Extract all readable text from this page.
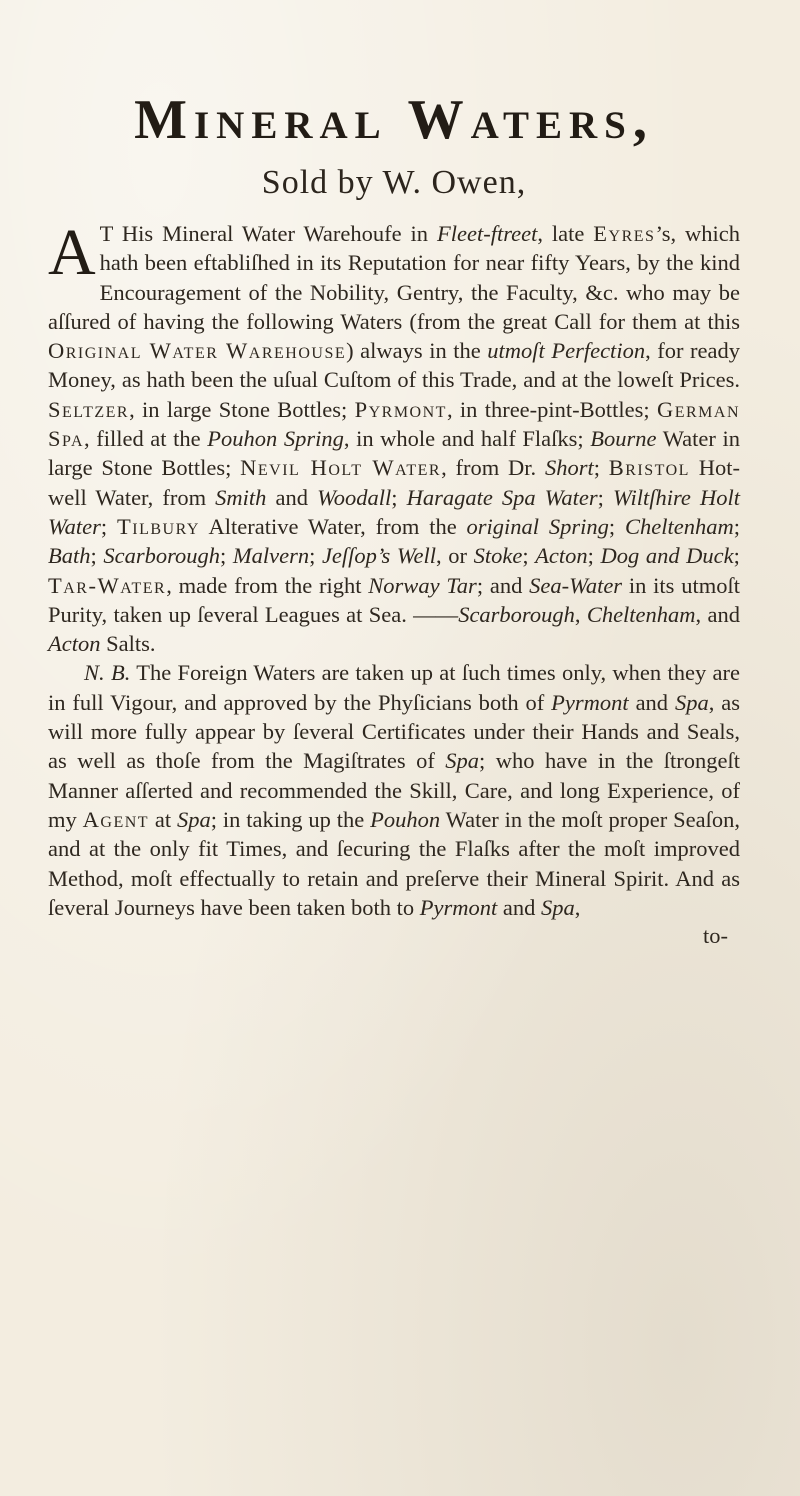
Mineral Waters,
Sold by W. Owen,

A T His Mineral Water Warehoufe in Fleet-ftreet, late Eyres’s, which hath been eftabliſhed in its Reputation for near fifty Years, by the kind Encouragement of the Nobility, Gentry, the Faculty, &c. who may be aſſured of having the following Waters (from the great Call for them at this Original Water Warehouse) always in the utmoſt Perfection, for ready Money, as hath been the uſual Cuſtom of this Trade, and at the loweſt Prices. Seltzer, in large Stone Bottles; Pyrmont, in three-pint-Bottles; German Spa, filled at the Pouhon Spring, in whole and half Flaſks; Bourne Water in large Stone Bottles; Nevil Holt Water, from Dr. Short; Bristol Hot-well Water, from Smith and Woodall; Haragate Spa Water; Wiltſhire Holt Water; Tilbury Alterative Water, from the original Spring; Cheltenham; Bath; Scarborough; Malvern; Jeſſop’s Well, or Stoke; Acton; Dog and Duck; Tar-Water, made from the right Norway Tar; and Sea-Water in its utmoſt Purity, taken up ſeveral Leagues at Sea. ——Scarborough, Cheltenham, and Acton Salts.

N. B. The Foreign Waters are taken up at ſuch times only, when they are in full Vigour, and approved by the Phyſicians both of Pyrmont and Spa, as will more fully appear by ſeveral Certificates under their Hands and Seals, as well as thoſe from the Magiſtrates of Spa; who have in the ſtrongeſt Manner aſſerted and recommended the Skill, Care, and long Experience, of my Agent at Spa; in taking up the Pouhon Water in the moſt proper Seaſon, and at the only fit Times, and ſecuring the Flaſks after the moſt improved Method, moſt effectually to retain and preſerve their Mineral Spirit. And as ſeveral Journeys have been taken both to Pyrmont and Spa,

to-
